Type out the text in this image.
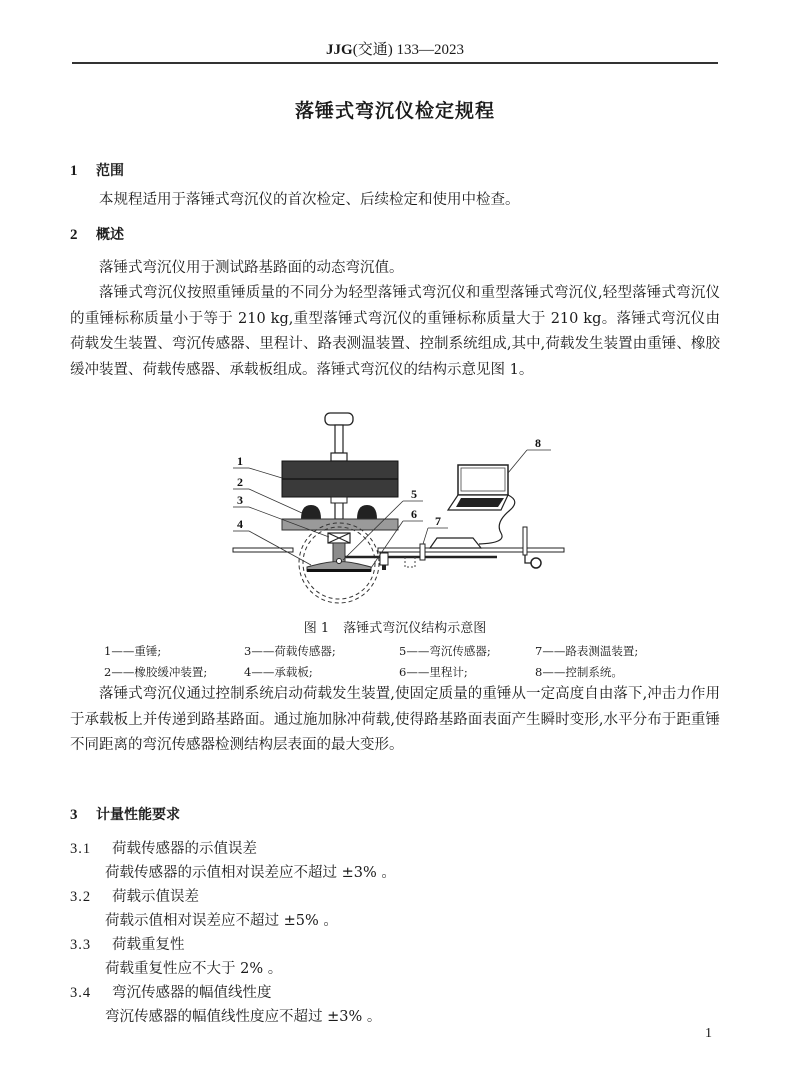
JJG(交通) 133—2023
落锤式弯沉仪检定规程
1 范围
本规程适用于落锤式弯沉仪的首次检定、后续检定和使用中检查。
2 概述
落锤式弯沉仪用于测试路基路面的动态弯沉值。
落锤式弯沉仪按照重锤质量的不同分为轻型落锤式弯沉仪和重型落锤式弯沉仪,轻型落锤式弯沉仪的重锤标称质量小于等于 210 kg,重型落锤式弯沉仪的重锤标称质量大于 210 kg。落锤式弯沉仪由荷载发生装置、弯沉传感器、里程计、路表测温装置、控制系统组成,其中,荷载发生装置由重锤、橡胶缓冲装置、荷载传感器、承载板组成。落锤式弯沉仪的结构示意见图 1。
1
2
3
4
5
6 7
8
图 1 落锤式弯沉仪结构示意图
1——重锤;	3——荷载传感器;	5——弯沉传感器;	7——路表测温装置;
2——橡胶缓冲装置;	4——承载板;	6——里程计;	8——控制系统。
落锤式弯沉仪通过控制系统启动荷载发生装置,使固定质量的重锤从一定高度自由落下,冲击力作用于承载板上并传递到路基路面。通过施加脉冲荷载,使得路基路面表面产生瞬时变形,水平分布于距重锤不同距离的弯沉传感器检测结构层表面的最大变形。
3 计量性能要求
3.1 荷载传感器的示值误差
荷载传感器的示值相对误差应不超过 ±3% 。
3.2 荷载示值误差
荷载示值相对误差应不超过 ±5% 。
3.3 荷载重复性
荷载重复性应不大于 2% 。
3.4 弯沉传感器的幅值线性度
弯沉传感器的幅值线性度应不超过 ±3% 。
1
